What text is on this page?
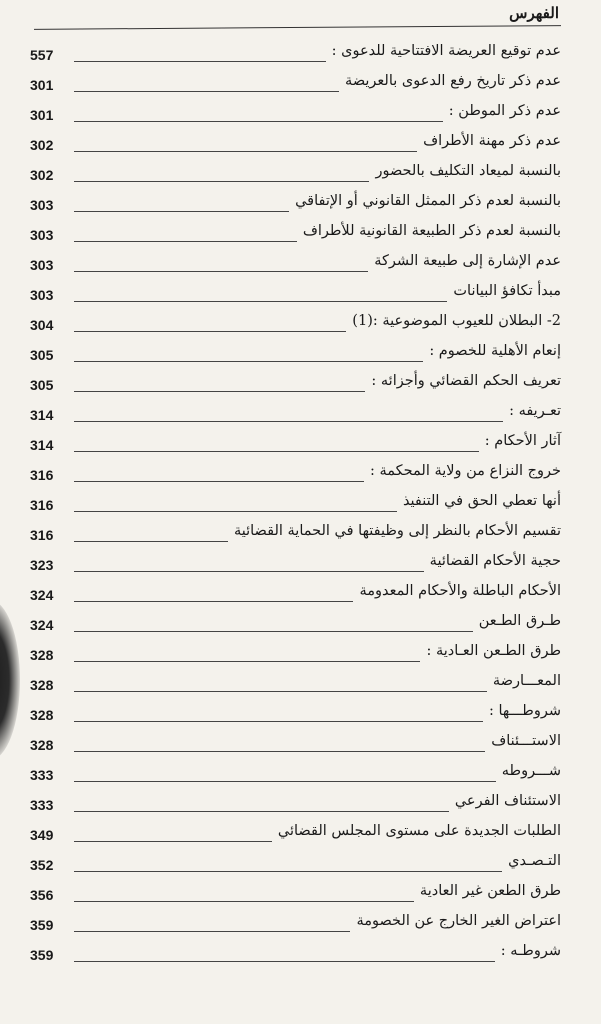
الفهرس
557	عدم توقيع العريضة الافتتاحية للدعوى :
301	عدم ذكر تاريخ رفع الدعوى بالعريضة
301	عدم ذكر الموطن :
302	عدم ذكر مهنة الأطراف
302	بالنسبة لميعاد التكليف بالحضور
303	بالنسبة لعدم ذكر الممثل القانوني أو الإتفاقي
303	بالنسبة لعدم ذكر الطبيعة القانونية للأطراف
303	عدم الإشارة إلى طبيعة الشركة
303	مبدأ تكافؤ البيانات
304	2- البطلان للعيوب الموضوعية :(1)
305	إنعام الأهلية للخصوم :
305	تعريف الحكم القضائي وأجزائه :
314	تعـريفه :
314	آثار الأحكام :
316	خروج النزاع من ولاية المحكمة :
316	أنها تعطي الحق في التنفيذ
316	تقسيم الأحكام بالنظر إلى وظيفتها في الحماية القضائية
323	حجية الأحكام القضائية
324	الأحكام الباطلة والأحكام المعدومة
324	طـرق الطـعن
328	طرق الطـعن العـادية :
328	المعـــارضة
328	شروطـــها :
328	الاستـــئناف
333	شـــروطه
333	الاستئناف الفرعي
349	الطلبات الجديدة على مستوى المجلس القضائي
352	التـصـدي
356	طرق الطعن غير العادية
359	اعتراض الغير الخارج عن الخصومة
359	شروطـه :
